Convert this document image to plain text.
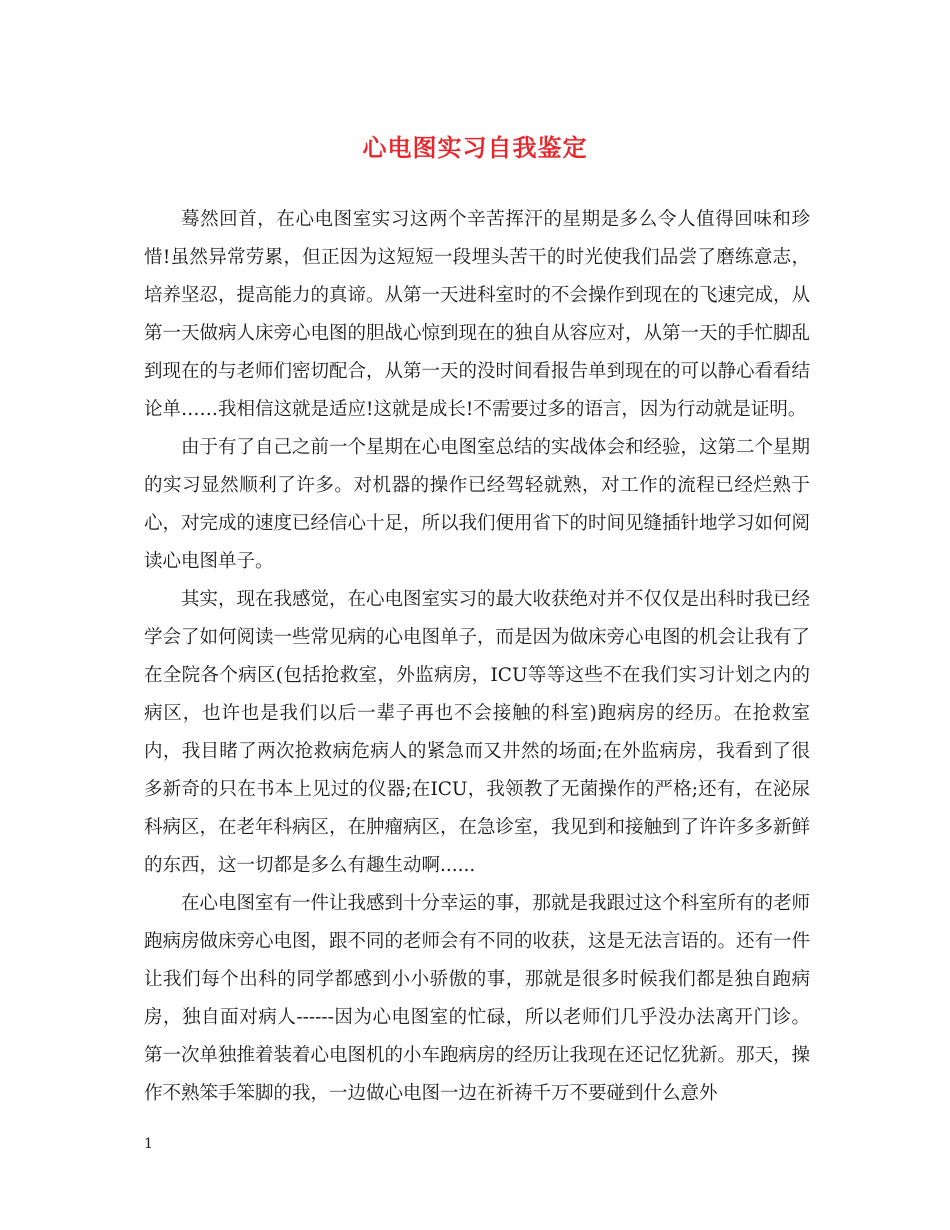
心电图实习自我鉴定

蓦然回首，在心电图室实习这两个辛苦挥汗的星期是多么令人值得回味和珍惜!虽然异常劳累，但正因为这短短一段埋头苦干的时光使我们品尝了磨练意志，培养坚忍，提高能力的真谛。从第一天进科室时的不会操作到现在的飞速完成，从第一天做病人床旁心电图的胆战心惊到现在的独自从容应对，从第一天的手忙脚乱到现在的与老师们密切配合，从第一天的没时间看报告单到现在的可以静心看看结论单……我相信这就是适应!这就是成长!不需要过多的语言，因为行动就是证明。

由于有了自己之前一个星期在心电图室总结的实战体会和经验，这第二个星期的实习显然顺利了许多。对机器的操作已经驾轻就熟，对工作的流程已经烂熟于心，对完成的速度已经信心十足，所以我们便用省下的时间见缝插针地学习如何阅读心电图单子。

其实，现在我感觉，在心电图室实习的最大收获绝对并不仅仅是出科时我已经学会了如何阅读一些常见病的心电图单子，而是因为做床旁心电图的机会让我有了在全院各个病区(包括抢救室，外监病房，ICU等等这些不在我们实习计划之内的病区，也许也是我们以后一辈子再也不会接触的科室)跑病房的经历。在抢救室内，我目睹了两次抢救病危病人的紧急而又井然的场面;在外监病房，我看到了很多新奇的只在书本上见过的仪器;在ICU，我领教了无菌操作的严格;还有，在泌尿科病区，在老年科病区，在肿瘤病区，在急诊室，我见到和接触到了许许多多新鲜的东西，这一切都是多么有趣生动啊......

在心电图室有一件让我感到十分幸运的事，那就是我跟过这个科室所有的老师跑病房做床旁心电图，跟不同的老师会有不同的收获，这是无法言语的。还有一件让我们每个出科的同学都感到小小骄傲的事，那就是很多时候我们都是独自跑病房，独自面对病人------因为心电图室的忙碌，所以老师们几乎没办法离开门诊。第一次单独推着装着心电图机的小车跑病房的经历让我现在还记忆犹新。那天，操作不熟笨手笨脚的我，一边做心电图一边在祈祷千万不要碰到什么意外

1
